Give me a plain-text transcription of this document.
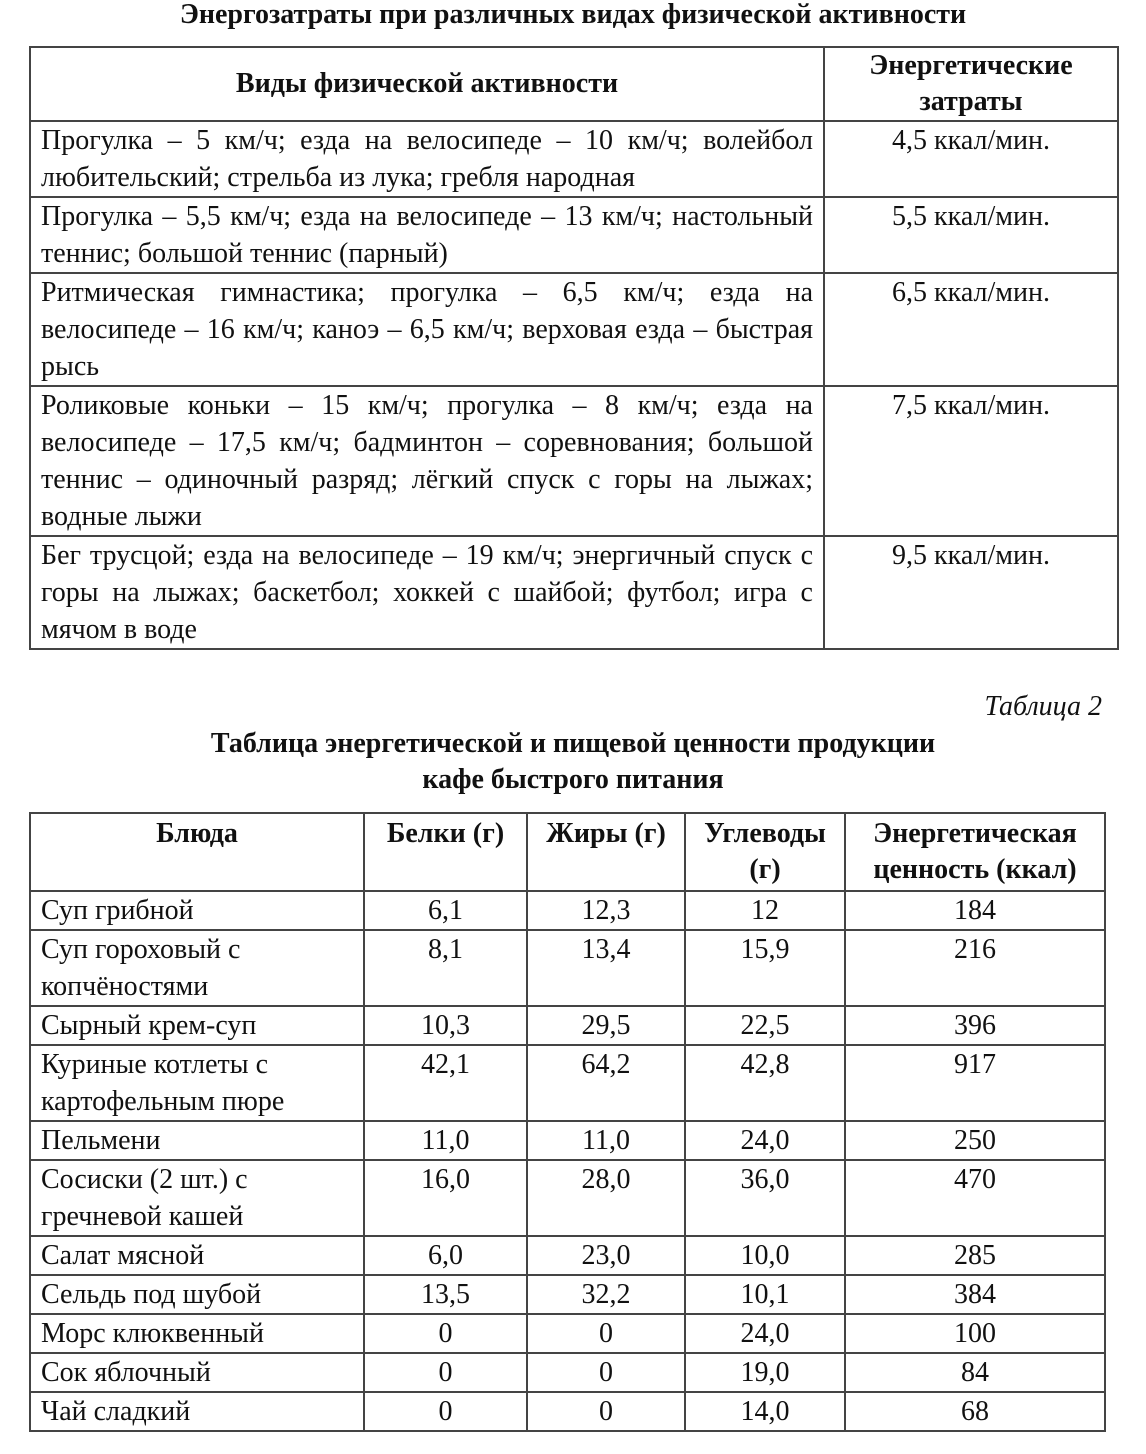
Энергозатраты при различных видах физической активности
Виды физической активности	Энергетические затраты
Прогулка – 5 км/ч; езда на велосипеде – 10 км/ч; волейбол любительский; стрельба из лука; гребля народная	4,5 ккал/мин.
Прогулка – 5,5 км/ч; езда на велосипеде – 13 км/ч; настольный теннис; большой теннис (парный)	5,5 ккал/мин.
Ритмическая гимнастика; прогулка – 6,5 км/ч; езда на велосипеде – 16 км/ч; каноэ – 6,5 км/ч; верховая езда – быстрая рысь	6,5 ккал/мин.
Роликовые коньки – 15 км/ч; прогулка – 8 км/ч; езда на велосипеде – 17,5 км/ч; бадминтон – соревнования; большой теннис – одиночный разряд; лёгкий спуск с горы на лыжах; водные лыжи	7,5 ккал/мин.
Бег трусцой; езда на велосипеде – 19 км/ч; энергичный спуск с горы на лыжах; баскетбол; хоккей с шайбой; футбол; игра с мячом в воде	9,5 ккал/мин.
Таблица 2
Таблица энергетической и пищевой ценности продукции
кафе быстрого питания
Блюда	Белки (г)	Жиры (г)	Углеводы (г)	Энергетическая ценность (ккал)
Суп грибной	6,1	12,3	12	184
Суп гороховый с копчёностями	8,1	13,4	15,9	216
Сырный крем-суп	10,3	29,5	22,5	396
Куриные котлеты с картофельным пюре	42,1	64,2	42,8	917
Пельмени	11,0	11,0	24,0	250
Сосиски (2 шт.) с гречневой кашей	16,0	28,0	36,0	470
Салат мясной	6,0	23,0	10,0	285
Сельдь под шубой	13,5	32,2	10,1	384
Морс клюквенный	0	0	24,0	100
Сок яблочный	0	0	19,0	84
Чай сладкий	0	0	14,0	68
